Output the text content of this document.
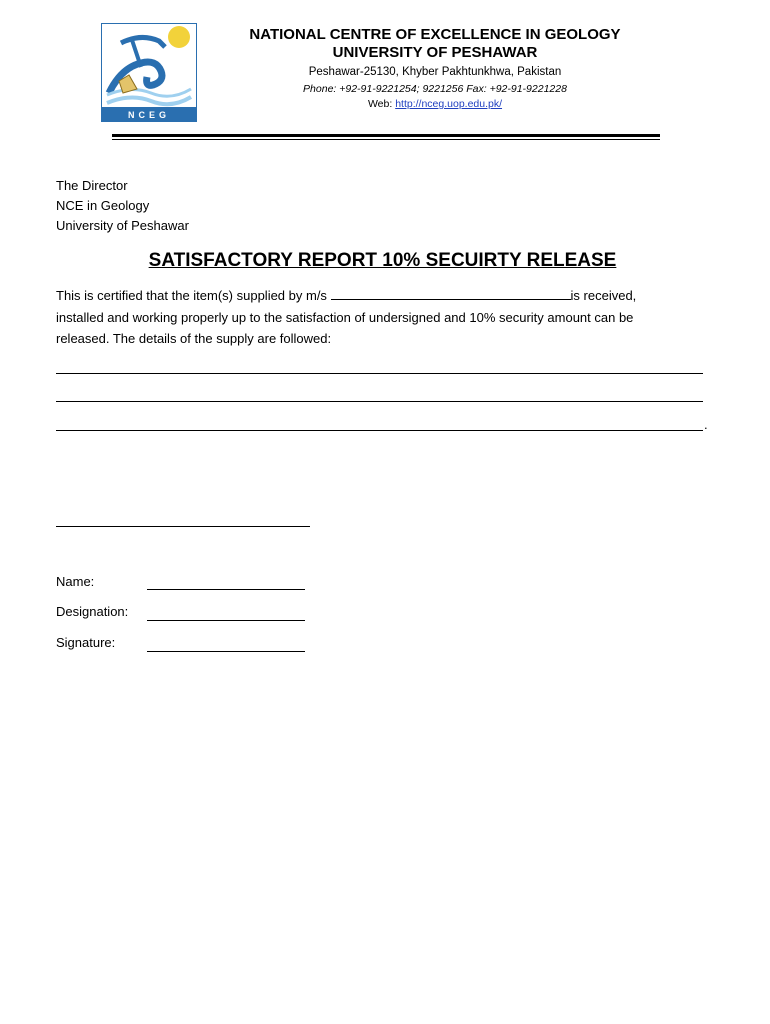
NCEG
NATIONAL CENTRE OF EXCELLENCE IN GEOLOGY
UNIVERSITY OF PESHAWAR
Peshawar-25130, Khyber Pakhtunkhwa, Pakistan
Phone: +92-91-9221254; 9221256 Fax: +92-91-9221228
Web: http://nceg.uop.edu.pk/
The Director
NCE in Geology
University of Peshawar
SATISFACTORY REPORT 10% SECUIRTY RELEASE
This is certified that the item(s) supplied by m/s	is received,
installed and working properly up to the satisfaction of undersigned and 10% security amount can be
released. The details of the supply are followed:
.
Name:
Designation:
Signature:
